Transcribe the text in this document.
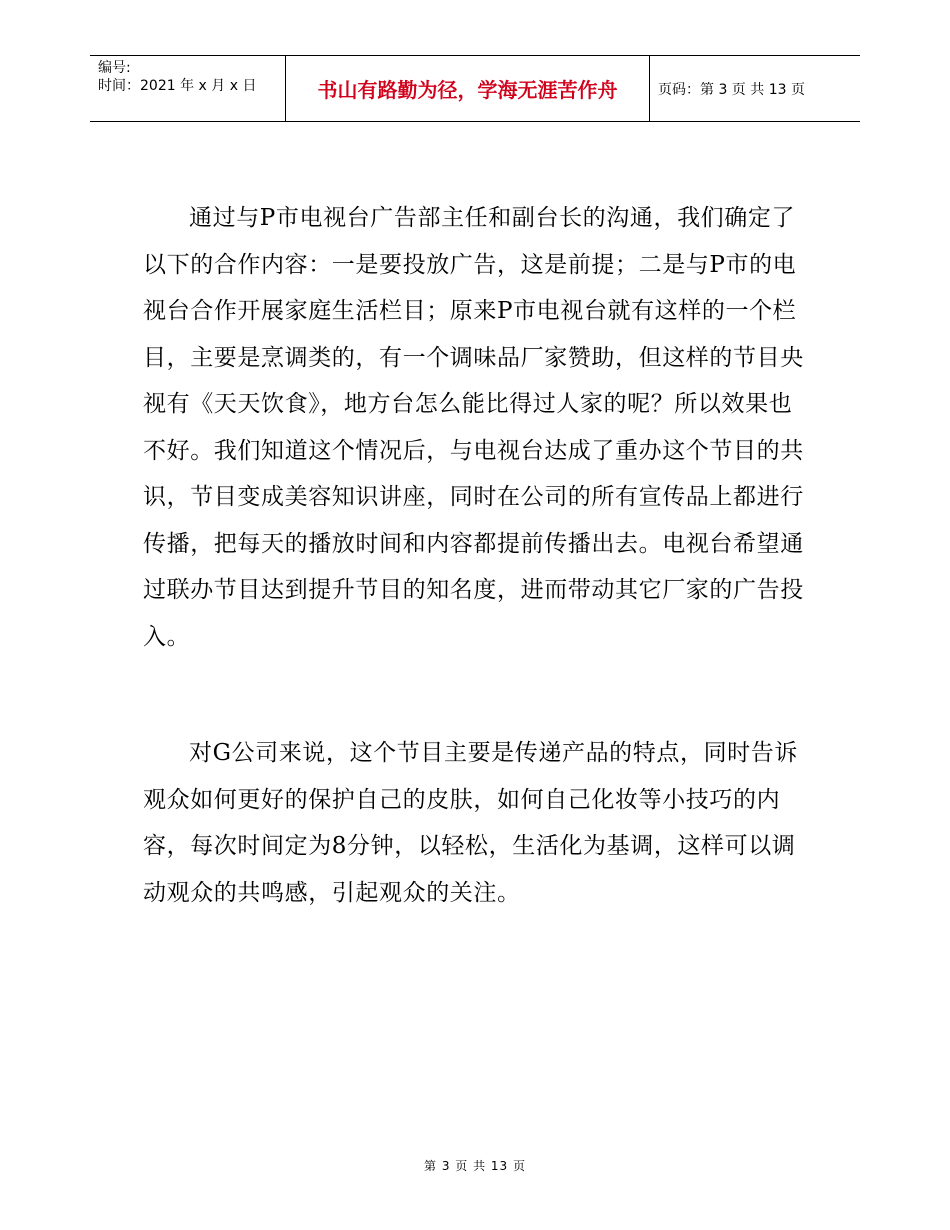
编号:
时间：2021 年 x 月 x 日	书山有路勤为径，学海无涯苦作舟	页码：第 3 页 共 13 页

通过与P市电视台广告部主任和副台长的沟通，我们确定了以下的合作内容：一是要投放广告，这是前提；二是与P市的电视台合作开展家庭生活栏目；原来P市电视台就有这样的一个栏目，主要是烹调类的，有一个调味品厂家赞助，但这样的节目央视有《天天饮食》，地方台怎么能比得过人家的呢？所以效果也不好。我们知道这个情况后，与电视台达成了重办这个节目的共识，节目变成美容知识讲座，同时在公司的所有宣传品上都进行传播，把每天的播放时间和内容都提前传播出去。电视台希望通过联办节目达到提升节目的知名度，进而带动其它厂家的广告投入。

对G公司来说，这个节目主要是传递产品的特点，同时告诉观众如何更好的保护自己的皮肤，如何自己化妆等小技巧的内容，每次时间定为8分钟，以轻松，生活化为基调，这样可以调动观众的共鸣感，引起观众的关注。

第 3 页 共 13 页
